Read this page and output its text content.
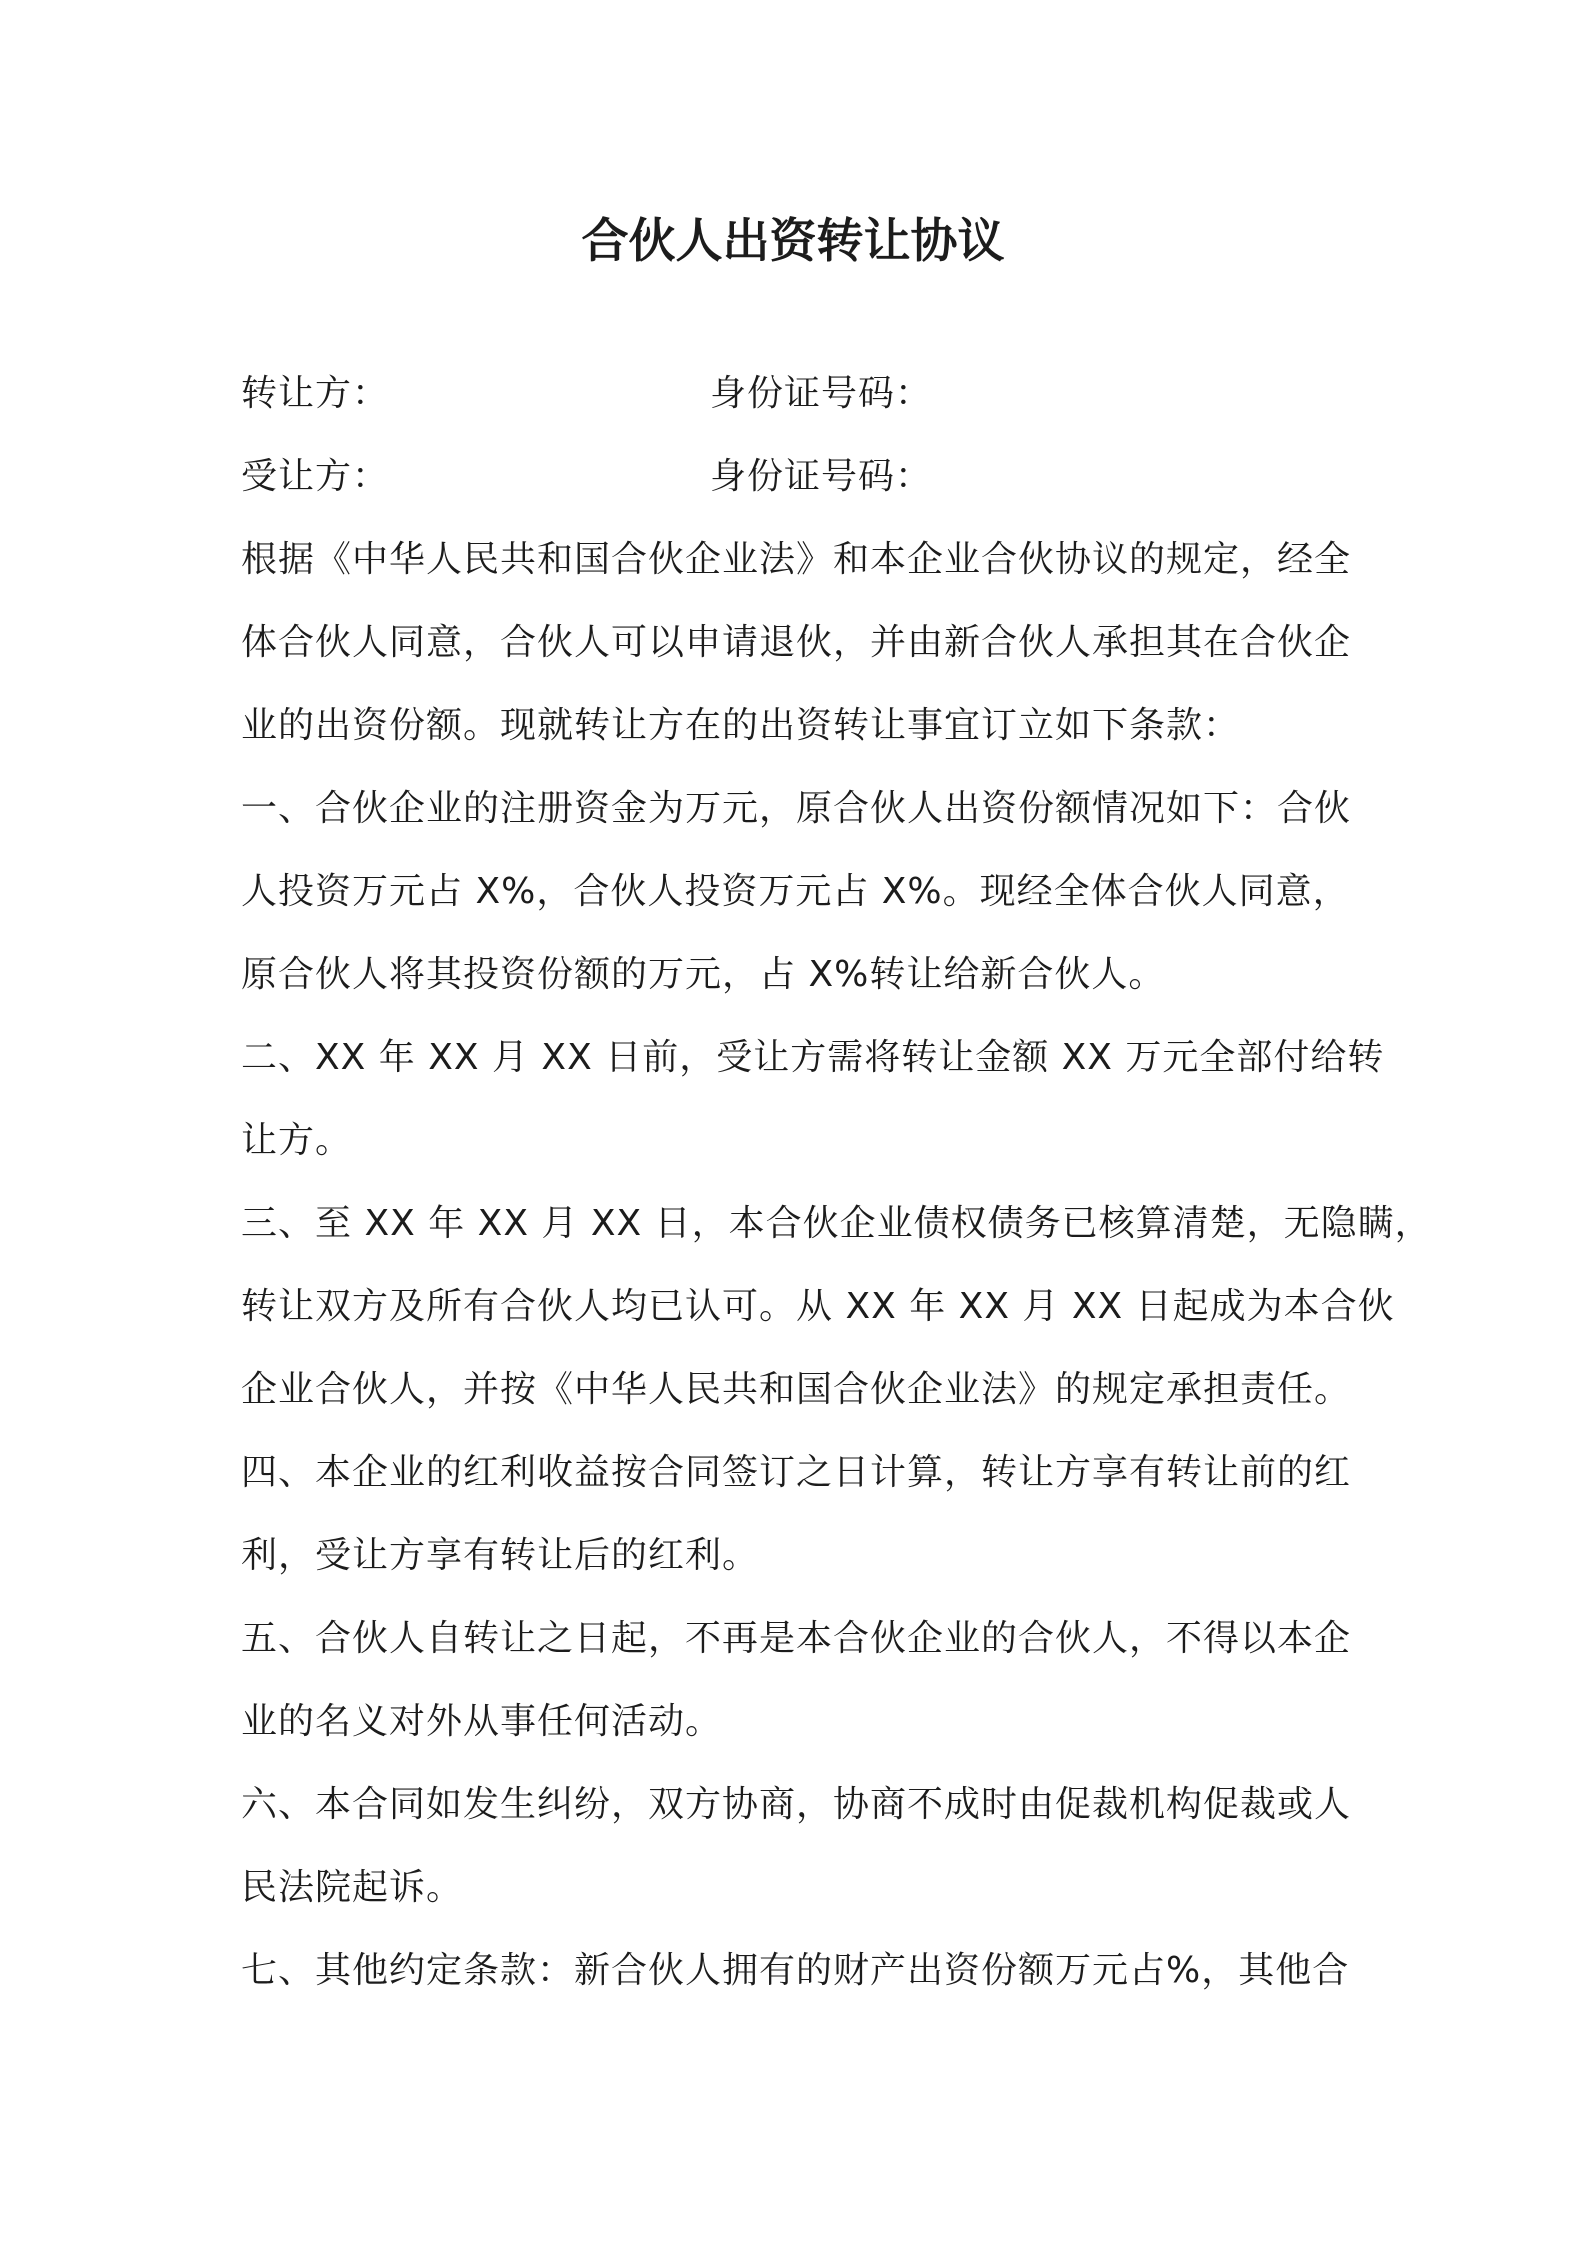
合伙人出资转让协议
转让方：	身份证号码：
受让方：	身份证号码：
根据《中华人民共和国合伙企业法》和本企业合伙协议的规定，经全
体合伙人同意，合伙人可以申请退伙，并由新合伙人承担其在合伙企
业的出资份额。现就转让方在的出资转让事宜订立如下条款：
一、合伙企业的注册资金为万元，原合伙人出资份额情况如下：合伙
人投资万元占 X%，合伙人投资万元占 X%。现经全体合伙人同意，
原合伙人将其投资份额的万元，占 X%转让给新合伙人。
二、XX 年 XX 月 XX 日前，受让方需将转让金额 XX 万元全部付给转
让方。
三、至 XX 年 XX 月 XX 日，本合伙企业债权债务已核算清楚，无隐瞒，
转让双方及所有合伙人均已认可。从 XX 年 XX 月 XX 日起成为本合伙
企业合伙人，并按《中华人民共和国合伙企业法》的规定承担责任。
四、本企业的红利收益按合同签订之日计算，转让方享有转让前的红
利，受让方享有转让后的红利。
五、合伙人自转让之日起，不再是本合伙企业的合伙人，不得以本企
业的名义对外从事任何活动。
六、本合同如发生纠纷，双方协商，协商不成时由促裁机构促裁或人
民法院起诉。
七、其他约定条款：新合伙人拥有的财产出资份额万元占%，其他合
